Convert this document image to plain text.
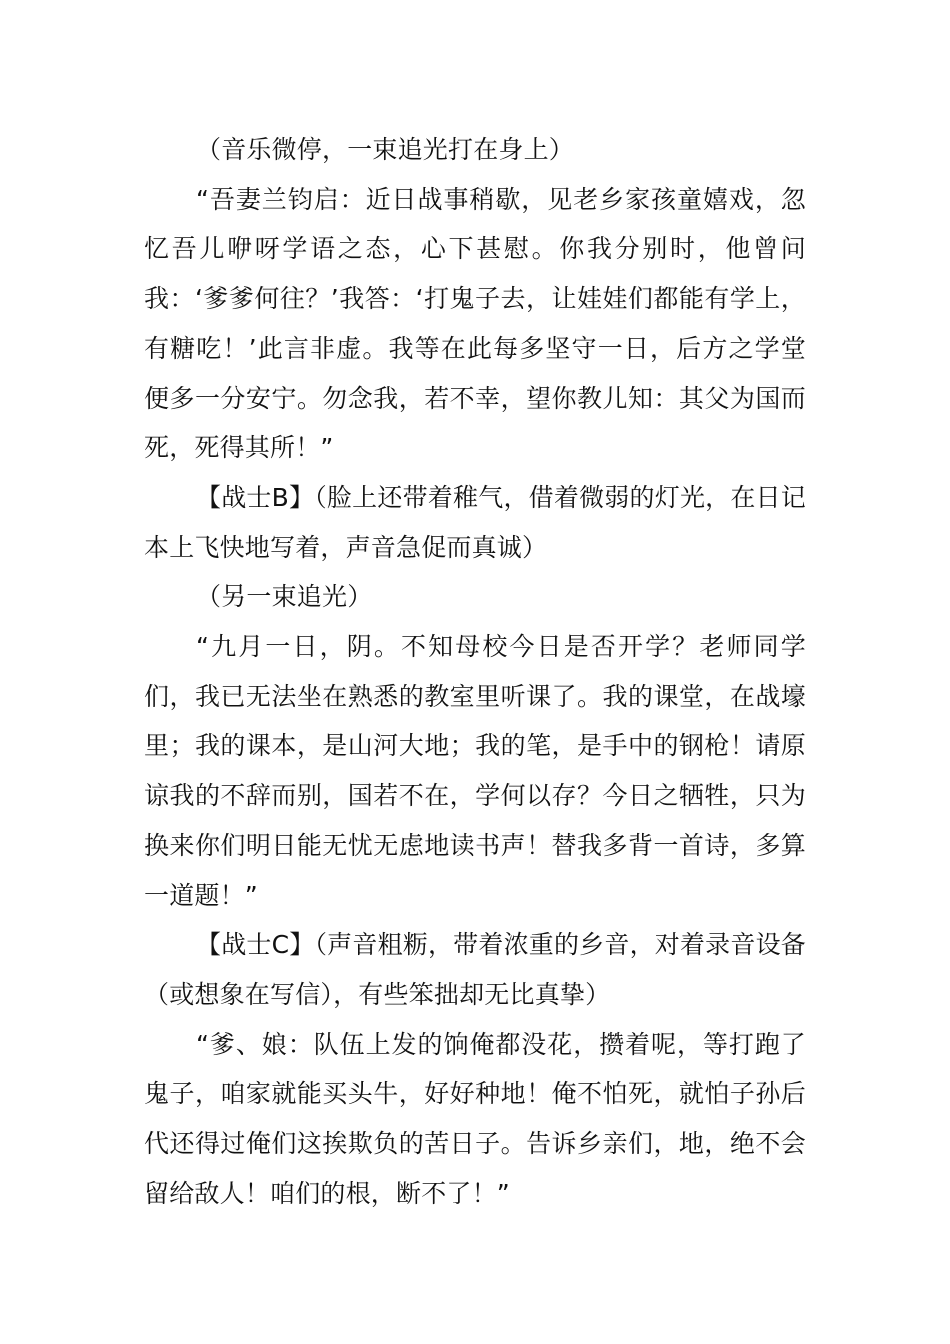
（音乐微停，一束追光打在身上）

“吾妻兰钧启：近日战事稍歇，见老乡家孩童嬉戏，忽忆吾儿咿呀学语之态，心下甚慰。你我分别时，他曾问我：‘爹爹何往？’我答：‘打鬼子去，让娃娃们都能有学上，有糖吃！’此言非虚。我等在此每多坚守一日，后方之学堂便多一分安宁。勿念我，若不幸，望你教儿知：其父为国而死，死得其所！”

【战士B】（脸上还带着稚气，借着微弱的灯光，在日记本上飞快地写着，声音急促而真诚）

（另一束追光）

“九月一日，阴。不知母校今日是否开学？老师同学们，我已无法坐在熟悉的教室里听课了。我的课堂，在战壕里；我的课本，是山河大地；我的笔，是手中的钢枪！请原谅我的不辞而别，国若不在，学何以存？今日之牺牲，只为换来你们明日能无忧无虑地读书声！替我多背一首诗，多算一道题！”

【战士C】（声音粗粝，带着浓重的乡音，对着录音设备（或想象在写信），有些笨拙却无比真挚）

“爹、娘：队伍上发的饷俺都没花，攒着呢，等打跑了鬼子，咱家就能买头牛，好好种地！俺不怕死，就怕子孙后代还得过俺们这挨欺负的苦日子。告诉乡亲们，地，绝不会留给敌人！咱们的根，断不了！”
